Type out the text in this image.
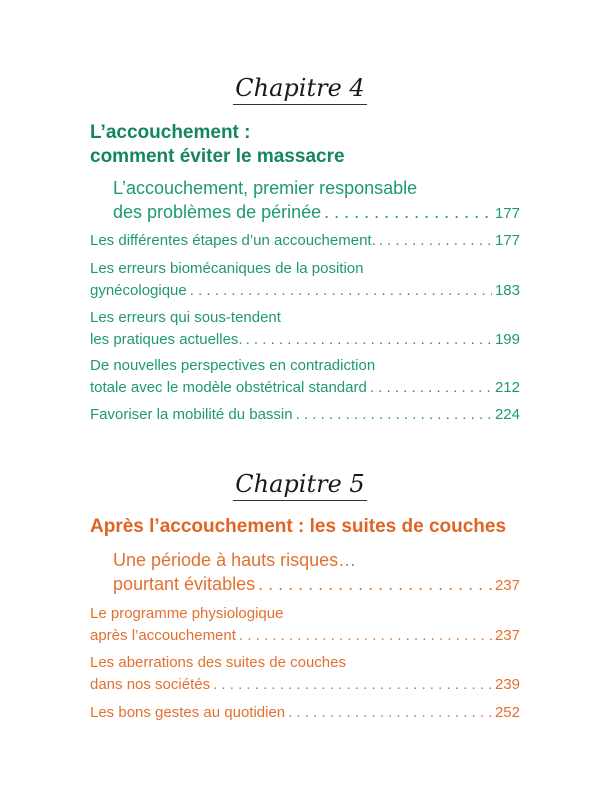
Chapitre 4
L’accouchement :
comment éviter le massacre
L’accouchement, premier responsable
des problèmes de périnée . . .	177
Les différentes étapes d’un accouchement. . . .	177
Les erreurs biomécaniques de la position
gynécologique . . .	183
Les erreurs qui sous-tendent
les pratiques actuelles. . . .	199
De nouvelles perspectives en contradiction
totale avec le modèle obstétrical standard . . .	212
Favoriser la mobilité du bassin . . .	224
Chapitre 5
Après l’accouchement : les suites de couches
Une période à hauts risques…
pourtant évitables . . .	237
Le programme physiologique
après l’accouchement . . .	237
Les aberrations des suites de couches
dans nos sociétés . . .	239
Les bons gestes au quotidien . . .	252
